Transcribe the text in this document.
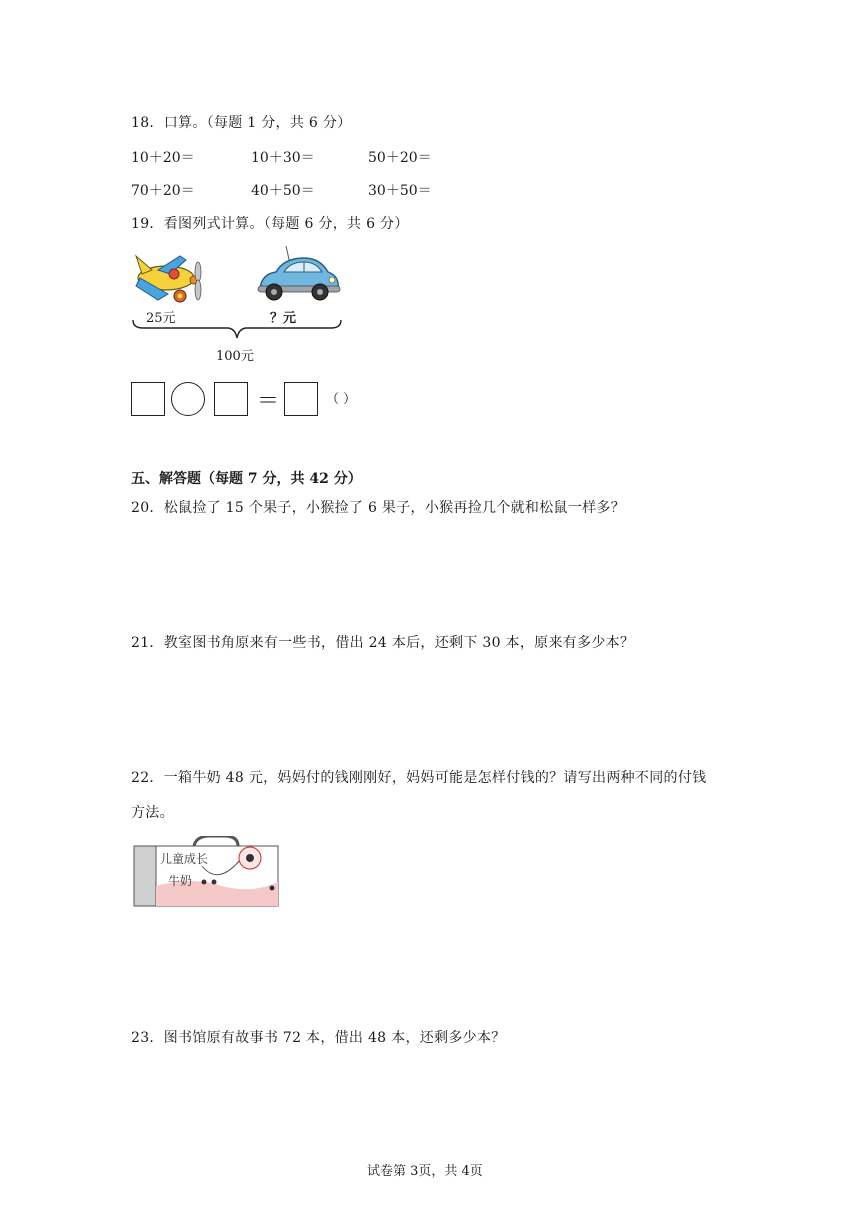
18．口算。（每题 1 分，共 6 分）
10＋20＝	10＋30＝	50＋20＝
70＋20＝	40＋50＝	30＋50＝
19．看图列式计算。（每题 6 分，共 6 分）
25元	？元
100元
＝	（ ）
五、解答题（每题 7 分，共 42 分）
20．松鼠捡了 15 个果子，小猴捡了 6 果子，小猴再捡几个就和松鼠一样多？
21．教室图书角原来有一些书，借出 24 本后，还剩下 30 本，原来有多少本？
22．一箱牛奶 48 元，妈妈付的钱刚刚好，妈妈可能是怎样付钱的？请写出两种不同的付钱
方法。
儿童成长
牛奶
23．图书馆原有故事书 72 本，借出 48 本，还剩多少本？
试卷第 3页，共 4页
